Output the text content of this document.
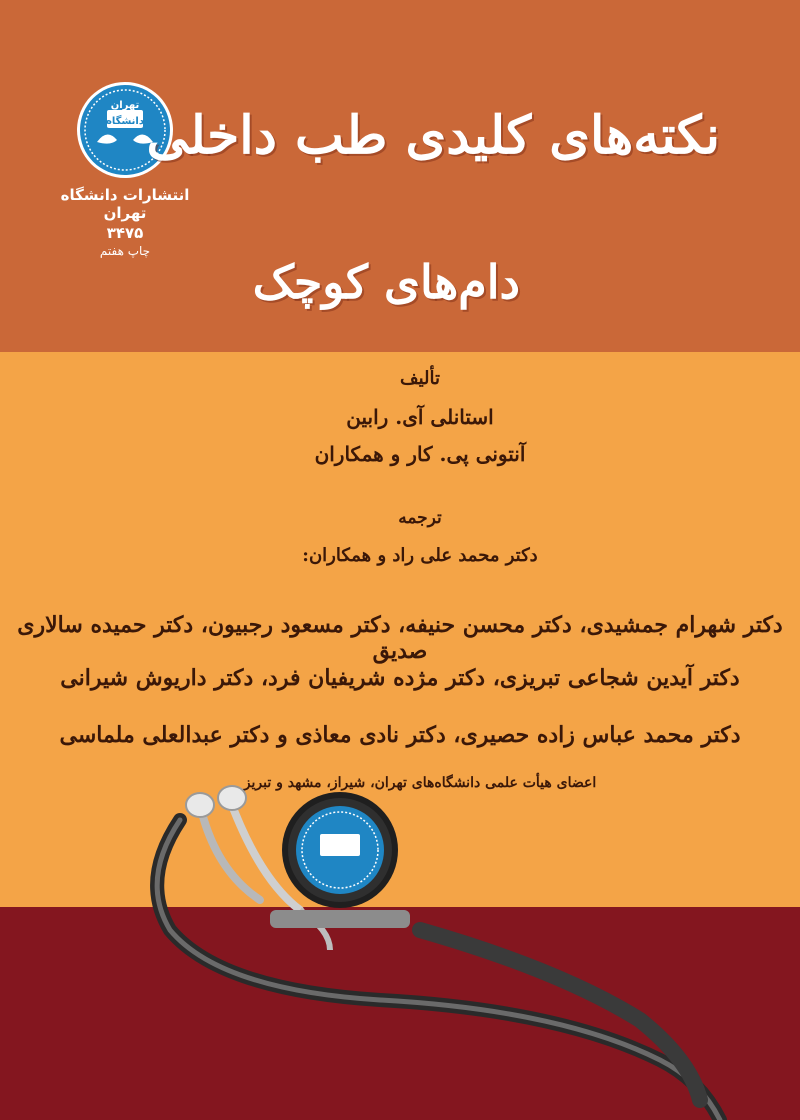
تهران
دانشگاه
انتشارات دانشگاه تهران
۳۴۷۵
چاپ هفتم
نکته‌های کلیدی طب داخلی
دام‌های کوچک
تألیف
استانلی آی. رابین
آنتونی پی. کار و همکاران
ترجمه
دکتر محمد علی راد و همکاران:
دکتر شهرام جمشیدی، دکتر محسن حنیفه، دکتر مسعود رجبیون، دکتر حمیده سالاری صدیق
دکتر آیدین شجاعی تبریزی، دکتر مژده شریفیان فرد، دکتر داریوش شیرانی
دکتر محمد عباس زاده حصیری، دکتر نادی معاذی و دکتر عبدالعلی ملماسی
اعضای هیأت علمی دانشگاه‌های تهران، شیراز، مشهد و تبریز
